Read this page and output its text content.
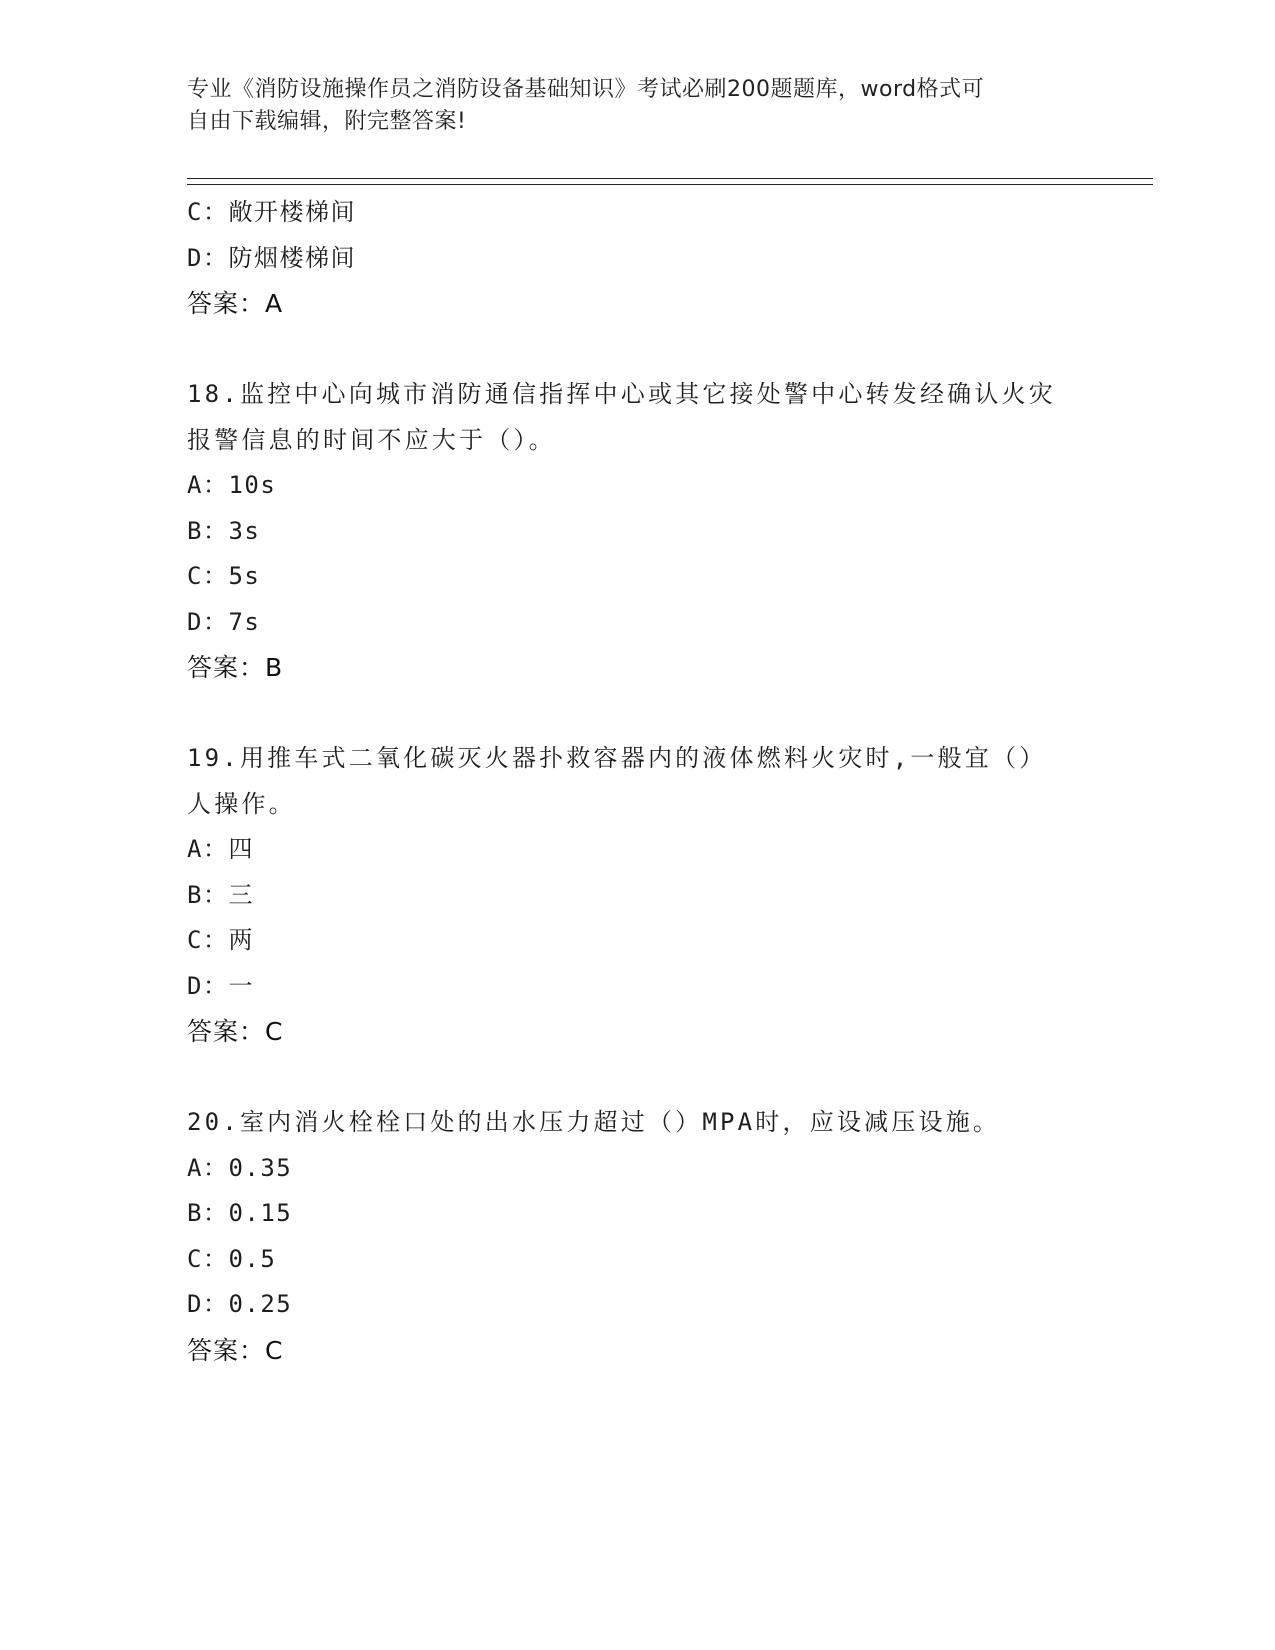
专业《消防设施操作员之消防设备基础知识》考试必刷200题题库，word格式可
自由下载编辑，附完整答案!
C：敞开楼梯间
D：防烟楼梯间
答案：A
18.监控中心向城市消防通信指挥中心或其它接处警中心转发经确认火灾报警信息的时间不应大于（）。
A：10s
B：3s
C：5s
D：7s
答案：B
19.用推车式二氧化碳灭火器扑救容器内的液体燃料火灾时,一般宜（）人操作。
A：四
B：三
C：两
D：一
答案：C
20.室内消火栓栓口处的出水压力超过（）MPA时，应设减压设施。
A：0.35
B：0.15
C：0.5
D：0.25
答案：C
